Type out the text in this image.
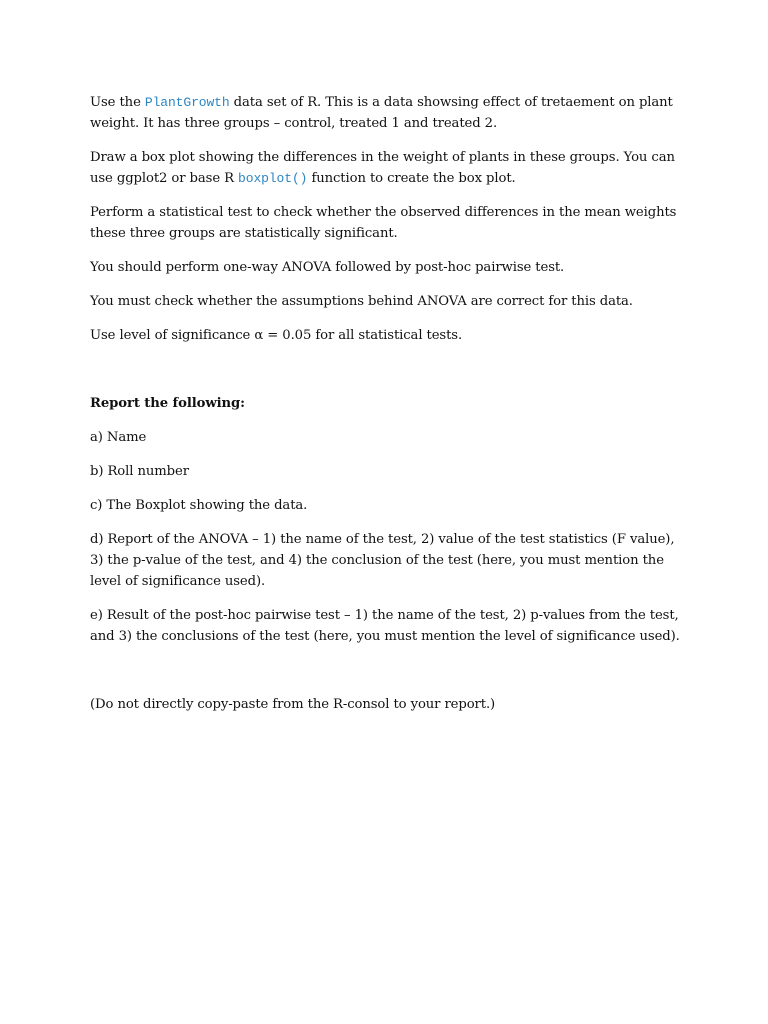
Use the PlantGrowth data set of R. This is a data showsing effect of tretaement on plant weight. It has three groups – control, treated 1 and treated 2.

Draw a box plot showing the differences in the weight of plants in these groups. You can use ggplot2 or base R boxplot() function to create the box plot.

Perform a statistical test to check whether the observed differences in the mean weights these three groups are statistically significant.

You should perform one-way ANOVA followed by post-hoc pairwise test.

You must check whether the assumptions behind ANOVA are correct for this data.

Use level of significance α = 0.05 for all statistical tests.

Report the following:

a) Name

b) Roll number

c) The Boxplot showing the data.

d) Report of the ANOVA – 1) the name of the test, 2) value of the test statistics (F value), 3) the p-value of the test, and 4) the conclusion of the test (here, you must mention the level of significance used).

e) Result of the post-hoc pairwise test – 1) the name of the test, 2) p-values from the test, and 3) the conclusions of the test (here, you must mention the level of significance used).

(Do not directly copy-paste from the R-consol to your report.)
